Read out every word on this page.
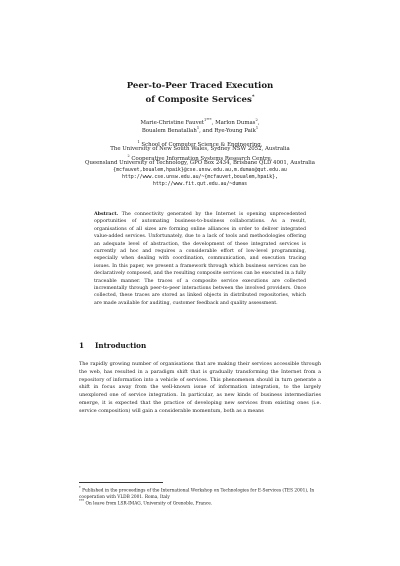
Peer-to-Peer Traced Execution
of Composite Services*
Marie-Christine Fauvet$^{1***}$, Marlon Dumas$^2$,
Boualem Benatallah$^1$, and Rye-Young Paik$^1$
$^1$ School of Computer Science & Engineering,
The University of New South Wales, Sydney NSW 2052, Australia
$^2$ Cooperative Information Systems Research Centre,
Queensland University of Technology, GPO Box 2434, Brisbane QLD 4001, Australia
{mcfauvet,boualem,hpaik}@cse.unsw.edu.au,m.dumas@qut.edu.au
http://www.cse.unsw.edu.au/~{mcfauvet,boualem,hpaik},
http://www.fit.qut.edu.au/~dumas
Abstract. The connectivity generated by the Internet is opening unprecedented opportunities of automating business-to-business collaborations. As a result, organisations of all sizes are forming online alliances in order to deliver integrated value-added services. Unfortunately, due to a lack of tools and methodologies offering an adequate level of abstraction, the development of these integrated services is currently ad hoc and requires a considerable effort of low-level programming, especially when dealing with coordination, communication, and execution tracing issues. In this paper, we present a framework through which business services can be declaratively composed, and the resulting composite services can be executed in a fully traceable manner. The traces of a composite service executions are collected incrementally through peer-to-peer interactions between the involved providers. Once collected, these traces are stored as linked objects in distributed repositories, which are made available for auditing, customer feedback and quality assessment.
1 Introduction
The rapidly growing number of organisations that are making their services accessible through the web, has resulted in a paradigm shift that is gradually transforming the Internet from a repository of information into a vehicle of services. This phenomenon should in turn generate a shift in focus away from the well-known issue of information integration, to the largely unexplored one of service integration. In particular, as new kinds of business intermediaries emerge, it is expected that the practice of developing new services from existing ones (i.e. service composition) will gain a considerable momentum, both as a means
* Published in the proceedings of the International Workshop on Technologies for E-Services (TES 2001), In cooperation with VLDB 2001. Roma, Italy
*** On leave from LSR-IMAG, University of Grenoble, France.
